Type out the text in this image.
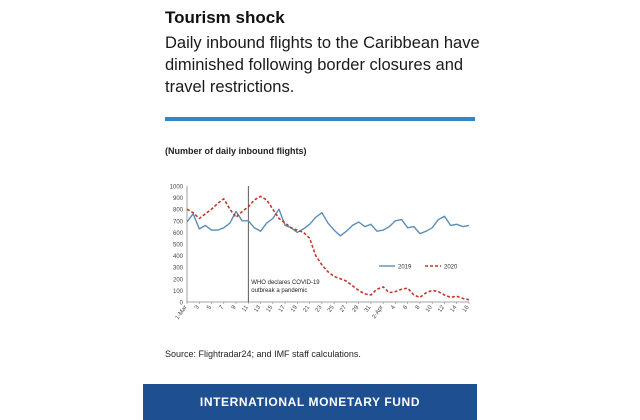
Tourism shock
Daily inbound flights to the Caribbean have diminished following border closures and travel restrictions.
(Number of daily inbound flights)
0
100
200
300
400
500
600
700
800
900
1000
1-Mar 3 5 7 9 11 13 15 17 19 21 23 25 27 29 31
2-Apr 4 6 8 10 12 14 16
WHO declares COVID-19
outbreak a pandemic
2019	2020
Source: Flightradar24; and IMF staff calculations.
INTERNATIONAL MONETARY FUND
